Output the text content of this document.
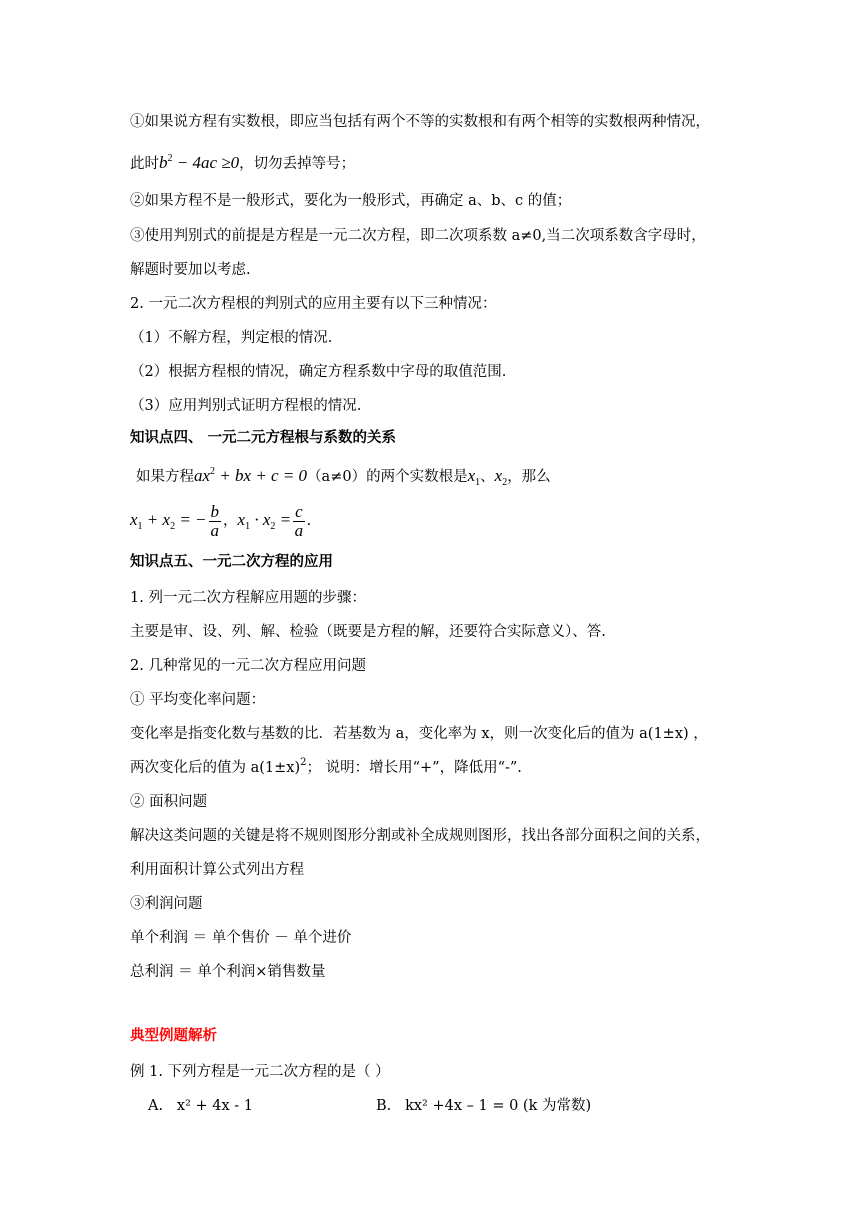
①如果说方程有实数根，即应当包括有两个不等的实数根和有两个相等的实数根两种情况，
此时$b^2 - 4ac \ge 0$，切勿丢掉等号；
②如果方程不是一般形式，要化为一般形式，再确定 a、b、c 的值；
③使用判别式的前提是方程是一元二次方程，即二次项系数 a≠0,当二次项系数含字母时，
解题时要加以考虑.
2. 一元二次方程根的判别式的应用主要有以下三种情况：
（1）不解方程，判定根的情况.
（2）根据方程根的情况，确定方程系数中字母的取值范围.
（3）应用判别式证明方程根的情况.
知识点四、 一元二元方程根与系数的关系
如果方程$ax^2$ + bx + c = 0（a≠0）的两个实数根是$x_1$、$x_2$，那么
$x_1 + x_2$ = − $\frac{b}{a}$ ，$x_1 \cdot x_2 = \frac{c}{a}$ .
知识点五、一元二次方程的应用
1. 列一元二次方程解应用题的步骤：
主要是审、设、列、解、检验（既要是方程的解，还要符合实际意义）、答.
2. 几种常见的一元二次方程应用问题
① 平均变化率问题：
变化率是指变化数与基数的比．若基数为 a，变化率为 x，则一次变化后的值为 a(1±x) ，
两次变化后的值为 $a(1\pm x)^2$； 说明：增长用“+”，降低用“-”.
② 面积问题
解决这类问题的关键是将不规则图形分割或补全成规则图形，找出各部分面积之间的关系，
利用面积计算公式列出方程
③利润问题
单个利润 ＝ 单个售价 － 单个进价
总利润 ＝ 单个利润×销售数量
典型例题解析
例 1. 下列方程是一元二次方程的是（ ）
A. x² + 4x - 1	B. kx² +4x – 1 = 0 (k 为常数)
